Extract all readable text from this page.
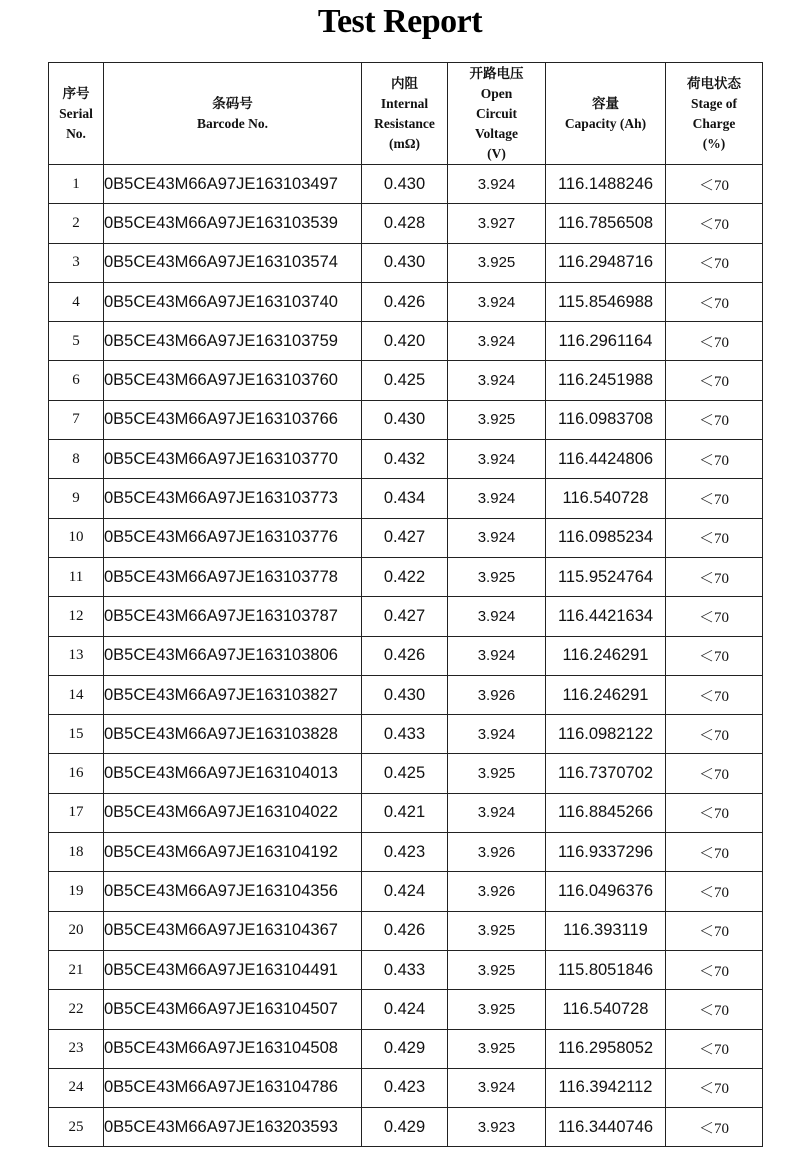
Test Report
序号
Serial
No.	条码号
Barcode No.	内阻
Internal
Resistance
(mΩ)	开路电压
Open
Circuit
Voltage
(V)	容量
Capacity (Ah)	荷电状态
Stage of
Charge
(%)

1	0B5CE43M66A97JE163103497	0.430	3.924	116.1488246	＜70
2	0B5CE43M66A97JE163103539	0.428	3.927	116.7856508	＜70
3	0B5CE43M66A97JE163103574	0.430	3.925	116.2948716	＜70
4	0B5CE43M66A97JE163103740	0.426	3.924	115.8546988	＜70
5	0B5CE43M66A97JE163103759	0.420	3.924	116.2961164	＜70
6	0B5CE43M66A97JE163103760	0.425	3.924	116.2451988	＜70
7	0B5CE43M66A97JE163103766	0.430	3.925	116.0983708	＜70
8	0B5CE43M66A97JE163103770	0.432	3.924	116.4424806	＜70
9	0B5CE43M66A97JE163103773	0.434	3.924	116.540728	＜70
10	0B5CE43M66A97JE163103776	0.427	3.924	116.0985234	＜70
11	0B5CE43M66A97JE163103778	0.422	3.925	115.9524764	＜70
12	0B5CE43M66A97JE163103787	0.427	3.924	116.4421634	＜70
13	0B5CE43M66A97JE163103806	0.426	3.924	116.246291	＜70
14	0B5CE43M66A97JE163103827	0.430	3.926	116.246291	＜70
15	0B5CE43M66A97JE163103828	0.433	3.924	116.0982122	＜70
16	0B5CE43M66A97JE163104013	0.425	3.925	116.7370702	＜70
17	0B5CE43M66A97JE163104022	0.421	3.924	116.8845266	＜70
18	0B5CE43M66A97JE163104192	0.423	3.926	116.9337296	＜70
19	0B5CE43M66A97JE163104356	0.424	3.926	116.0496376	＜70
20	0B5CE43M66A97JE163104367	0.426	3.925	116.393119	＜70
21	0B5CE43M66A97JE163104491	0.433	3.925	115.8051846	＜70
22	0B5CE43M66A97JE163104507	0.424	3.925	116.540728	＜70
23	0B5CE43M66A97JE163104508	0.429	3.925	116.2958052	＜70
24	0B5CE43M66A97JE163104786	0.423	3.924	116.3942112	＜70
25	0B5CE43M66A97JE163203593	0.429	3.923	116.3440746	＜70
